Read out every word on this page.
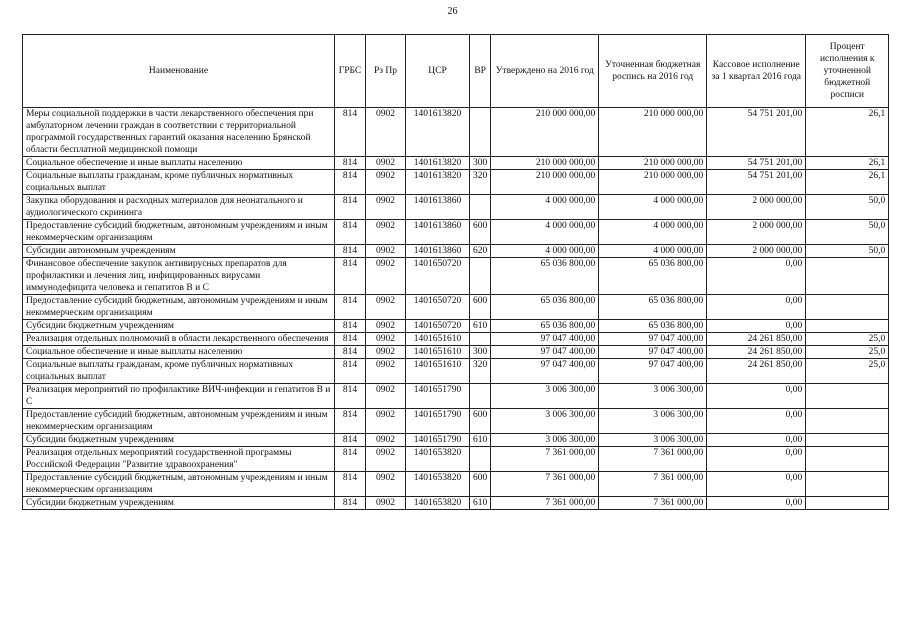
26
Наименование	ГРБС	Рз Пр	ЦСР	ВР	Утверждено на 2016 год	Уточненная бюджетная роспись на 2016 год	Кассовое исполнение за 1 квартал 2016 года	Процент исполнения к уточненной бюджетной росписи
Меры социальной поддержки в части лекарственного обеспечения при амбулаторном лечении граждан в соответствии с территориальной программой государственных гарантий оказания населению Брянской области бесплатной медицинской помощи	814	0902	1401613820		210 000 000,00	210 000 000,00	54 751 201,00	26,1
Социальное обеспечение и иные выплаты населению	814	0902	1401613820	300	210 000 000,00	210 000 000,00	54 751 201,00	26,1
Социальные выплаты гражданам, кроме публичных нормативных социальных выплат	814	0902	1401613820	320	210 000 000,00	210 000 000,00	54 751 201,00	26,1
Закупка оборудования и расходных материалов для неонатального и аудиологического скрининга	814	0902	1401613860		4 000 000,00	4 000 000,00	2 000 000,00	50,0
Предоставление субсидий бюджетным, автономным учреждениям и иным некоммерческим организациям	814	0902	1401613860	600	4 000 000,00	4 000 000,00	2 000 000,00	50,0
Субсидии автономным учреждениям	814	0902	1401613860	620	4 000 000,00	4 000 000,00	2 000 000,00	50,0
Финансовое обеспечение закупок антивирусных препаратов для профилактики и лечения лиц, инфицированных вирусами иммунодефицита человека и гепатитов В и С	814	0902	1401650720		65 036 800,00	65 036 800,00	0,00	
Предоставление субсидий бюджетным, автономным учреждениям и иным некоммерческим организациям	814	0902	1401650720	600	65 036 800,00	65 036 800,00	0,00	
Субсидии бюджетным учреждениям	814	0902	1401650720	610	65 036 800,00	65 036 800,00	0,00	
Реализация отдельных полномочий в области лекарственного обеспечения	814	0902	1401651610		97 047 400,00	97 047 400,00	24 261 850,00	25,0
Социальное обеспечение и иные выплаты населению	814	0902	1401651610	300	97 047 400,00	97 047 400,00	24 261 850,00	25,0
Социальные выплаты гражданам, кроме публичных нормативных социальных выплат	814	0902	1401651610	320	97 047 400,00	97 047 400,00	24 261 850,00	25,0
Реализация мероприятий по профилактике ВИЧ-инфекции и гепатитов В и С	814	0902	1401651790		3 006 300,00	3 006 300,00	0,00	
Предоставление субсидий бюджетным, автономным учреждениям и иным некоммерческим организациям	814	0902	1401651790	600	3 006 300,00	3 006 300,00	0,00	
Субсидии бюджетным учреждениям	814	0902	1401651790	610	3 006 300,00	3 006 300,00	0,00	
Реализация отдельных мероприятий государственной программы Российской Федерации "Развитие здравоохранения"	814	0902	1401653820		7 361 000,00	7 361 000,00	0,00	
Предоставление субсидий бюджетным, автономным учреждениям и иным некоммерческим организациям	814	0902	1401653820	600	7 361 000,00	7 361 000,00	0,00	
Субсидии бюджетным учреждениям	814	0902	1401653820	610	7 361 000,00	7 361 000,00	0,00	
